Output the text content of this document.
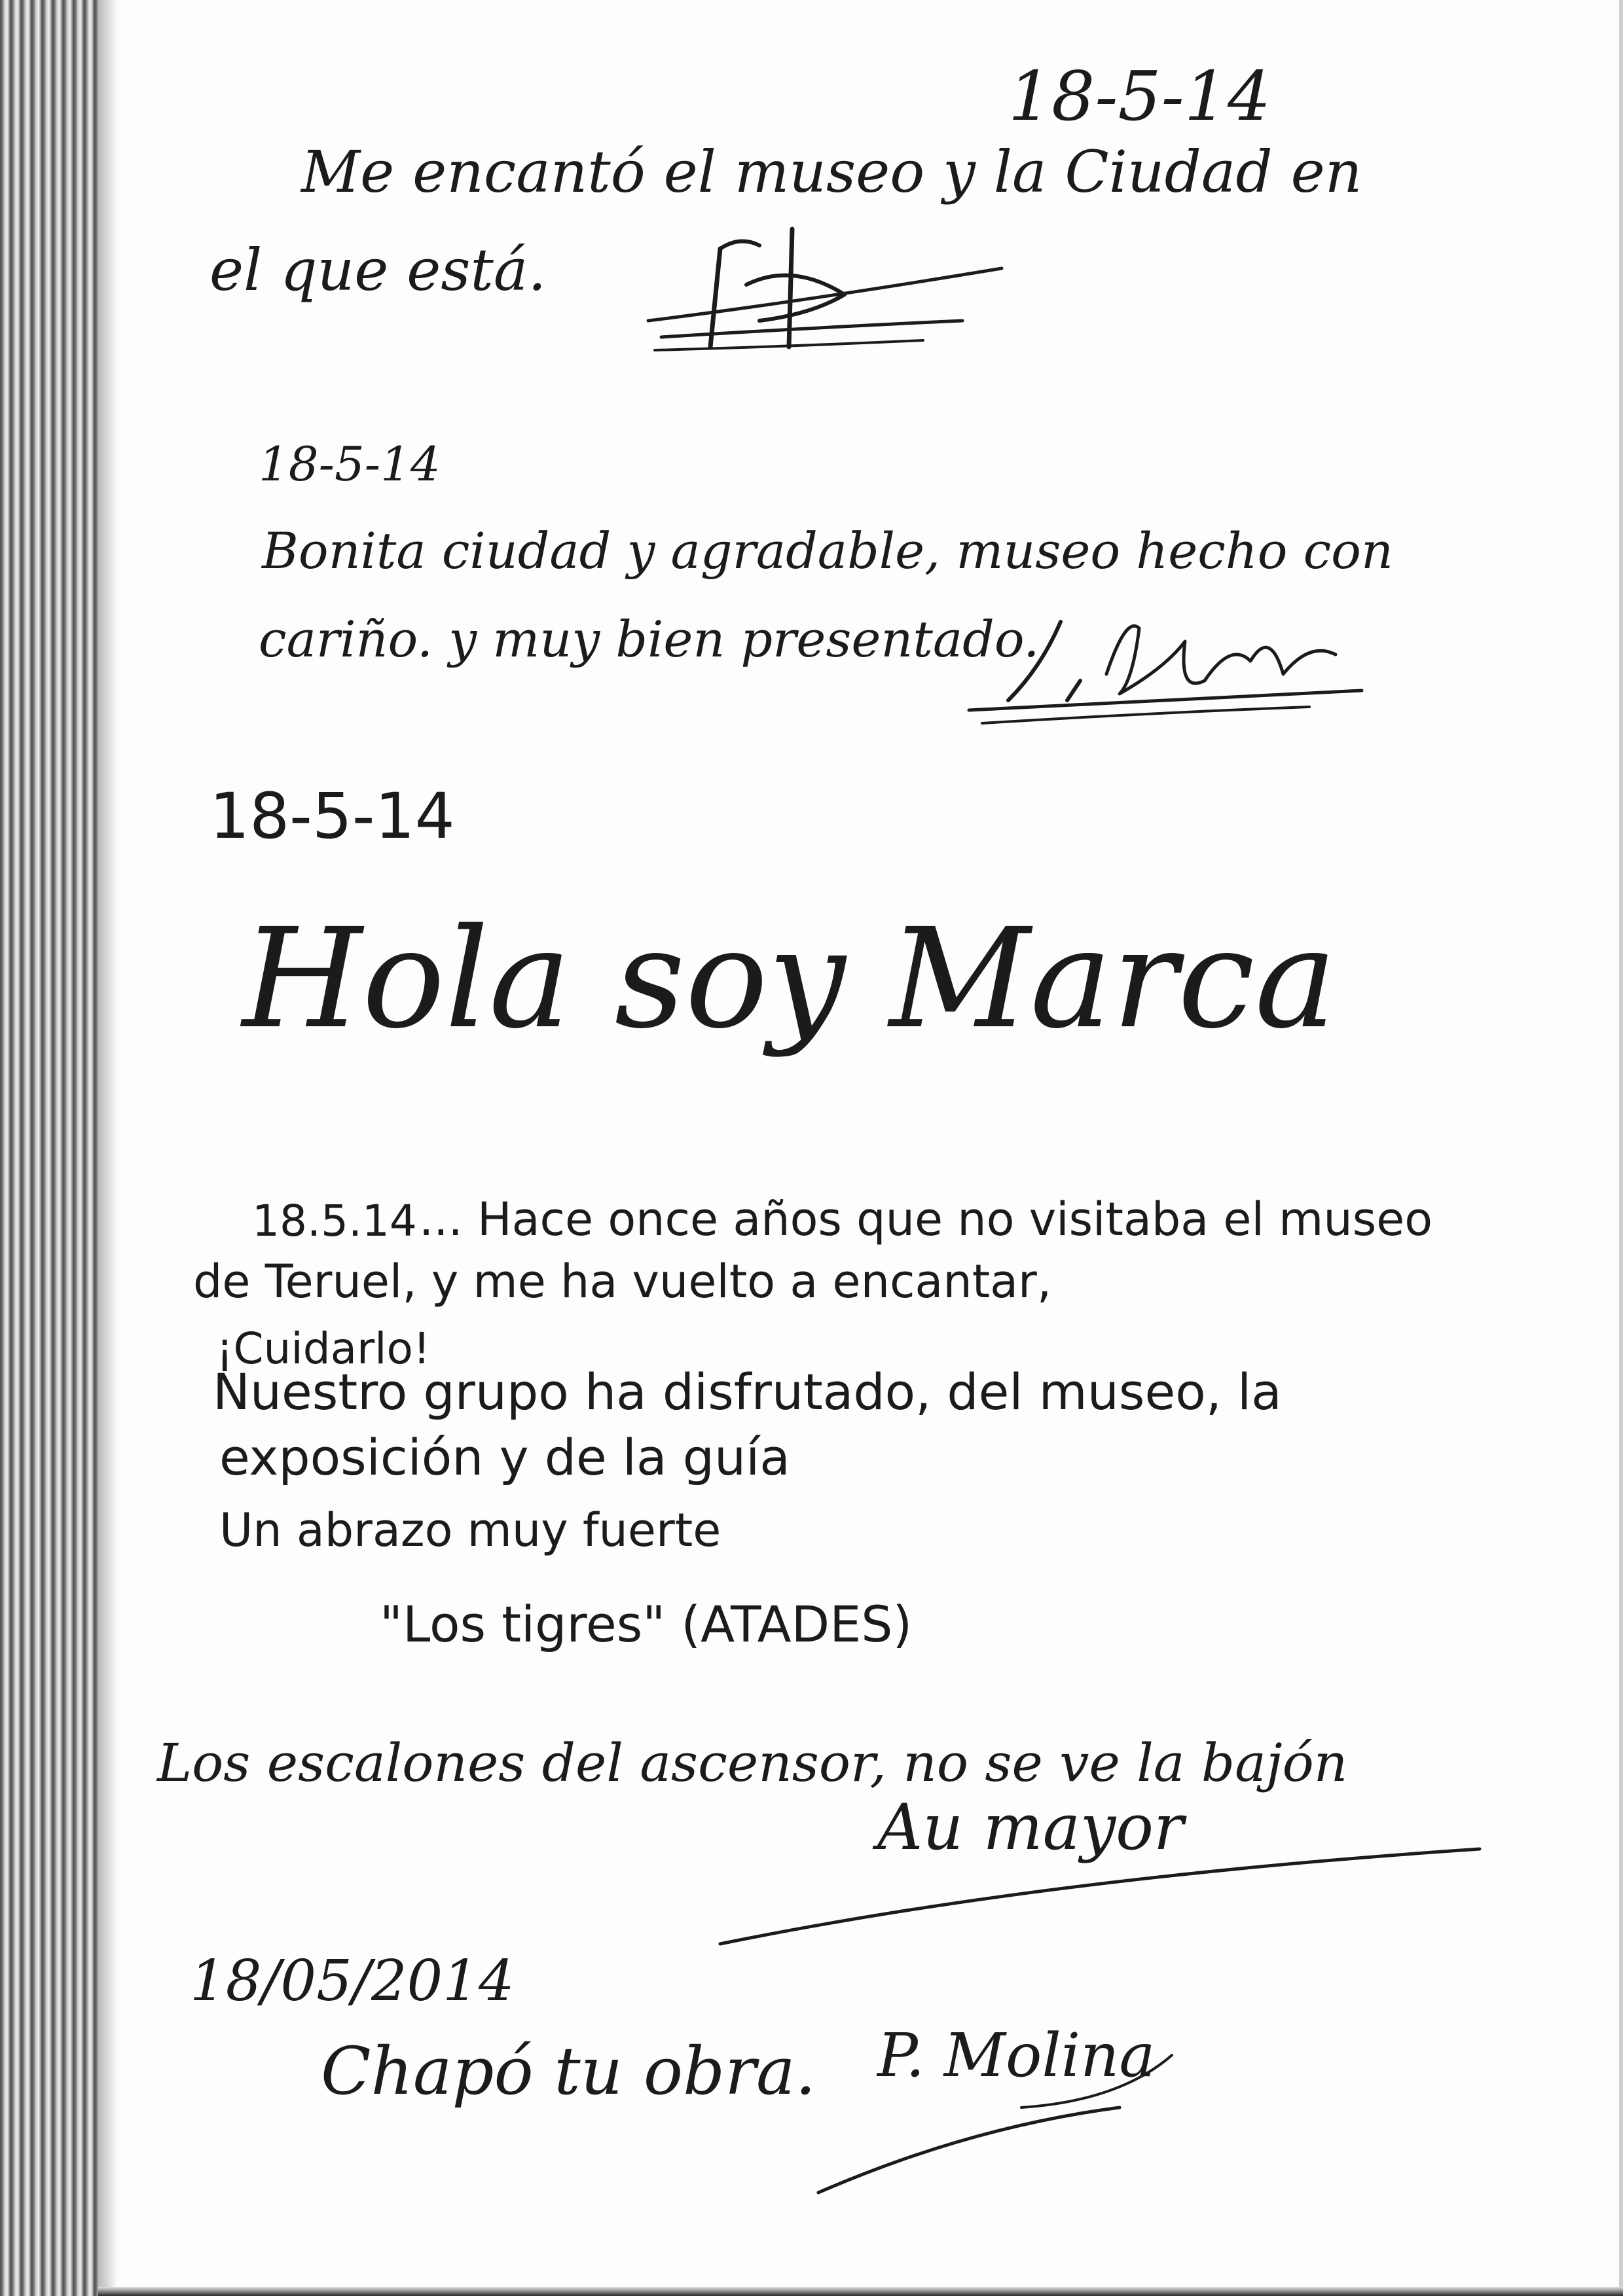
18-5-14
Me encantó el museo y la Ciudad en
el que está.
18-5-14
Bonita ciudad y agradable, museo hecho con
cariño. y muy bien presentado.
18-5-14
Hola soy Marca
18.5.14 ... Hace once años que no visitaba el museo
de Teruel, y me ha vuelto a encantar,
¡Cuidarlo!
Nuestro grupo ha disfrutado, del museo, la
exposición y de la guía
Un abrazo muy fuerte
"Los tigres" (ATADES)
Los escalones del ascensor, no se ve la bajón
Au mayor
18/05/2014
Chapó tu obra. P. Molina
